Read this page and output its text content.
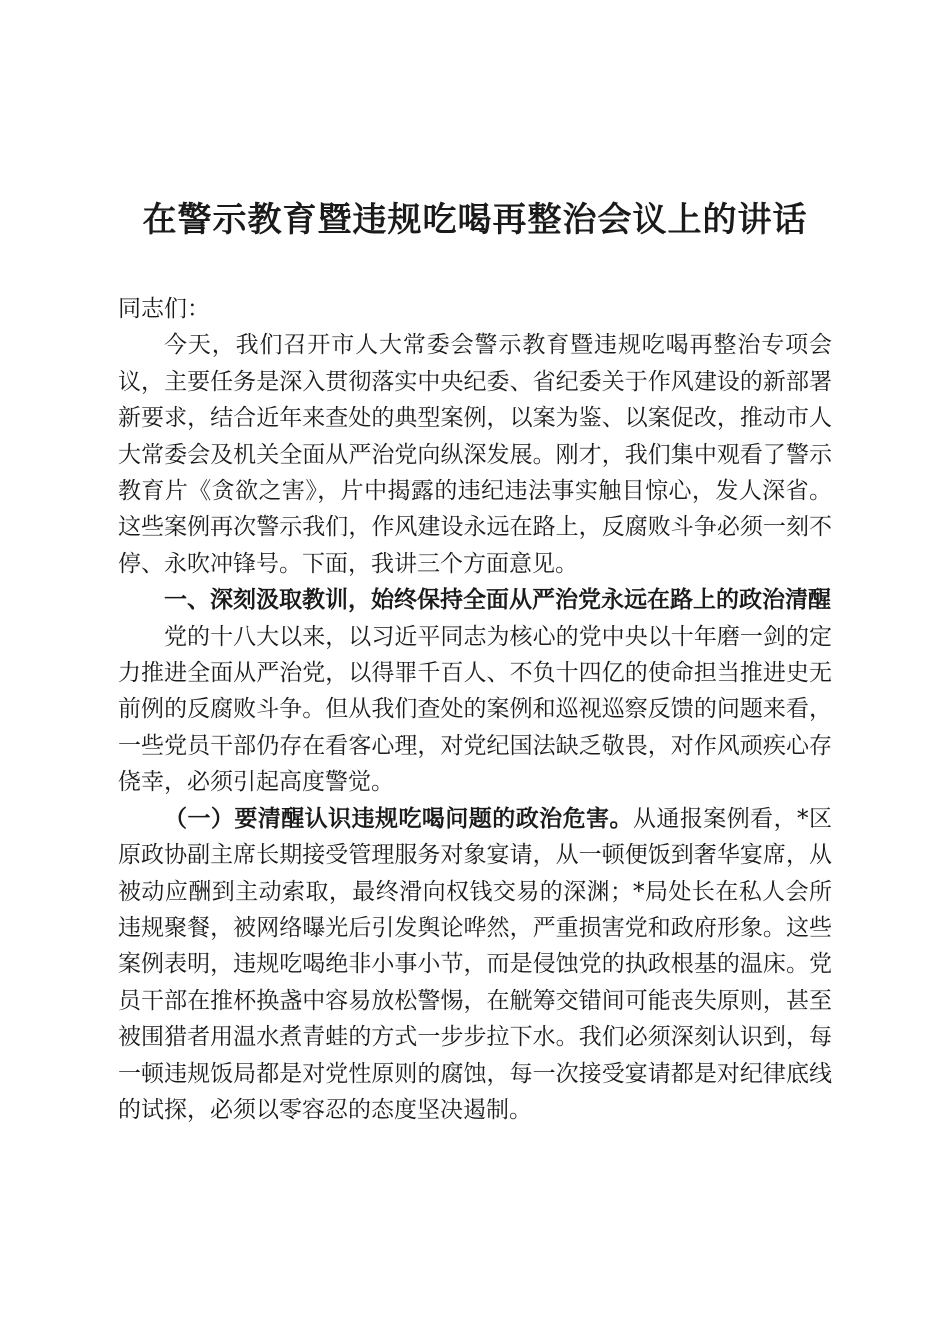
在警示教育暨违规吃喝再整治会议上的讲话

同志们：

今天，我们召开市人大常委会警示教育暨违规吃喝再整治专项会议，主要任务是深入贯彻落实中央纪委、省纪委关于作风建设的新部署新要求，结合近年来查处的典型案例，以案为鉴、以案促改，推动市人大常委会及机关全面从严治党向纵深发展。刚才，我们集中观看了警示教育片《贪欲之害》，片中揭露的违纪违法事实触目惊心，发人深省。这些案例再次警示我们，作风建设永远在路上，反腐败斗争必须一刻不停、永吹冲锋号。下面，我讲三个方面意见。

一、深刻汲取教训，始终保持全面从严治党永远在路上的政治清醒

党的十八大以来，以习近平同志为核心的党中央以十年磨一剑的定力推进全面从严治党，以得罪千百人、不负十四亿的使命担当推进史无前例的反腐败斗争。但从我们查处的案例和巡视巡察反馈的问题来看，一些党员干部仍存在看客心理，对党纪国法缺乏敬畏，对作风顽疾心存侥幸，必须引起高度警觉。

（一）要清醒认识违规吃喝问题的政治危害。从通报案例看，*区原政协副主席长期接受管理服务对象宴请，从一顿便饭到奢华宴席，从被动应酬到主动索取，最终滑向权钱交易的深渊；*局处长在私人会所违规聚餐，被网络曝光后引发舆论哗然，严重损害党和政府形象。这些案例表明，违规吃喝绝非小事小节，而是侵蚀党的执政根基的温床。党员干部在推杯换盏中容易放松警惕，在觥筹交错间可能丧失原则，甚至被围猎者用温水煮青蛙的方式一步步拉下水。我们必须深刻认识到，每一顿违规饭局都是对党性原则的腐蚀，每一次接受宴请都是对纪律底线的试探，必须以零容忍的态度坚决遏制。
